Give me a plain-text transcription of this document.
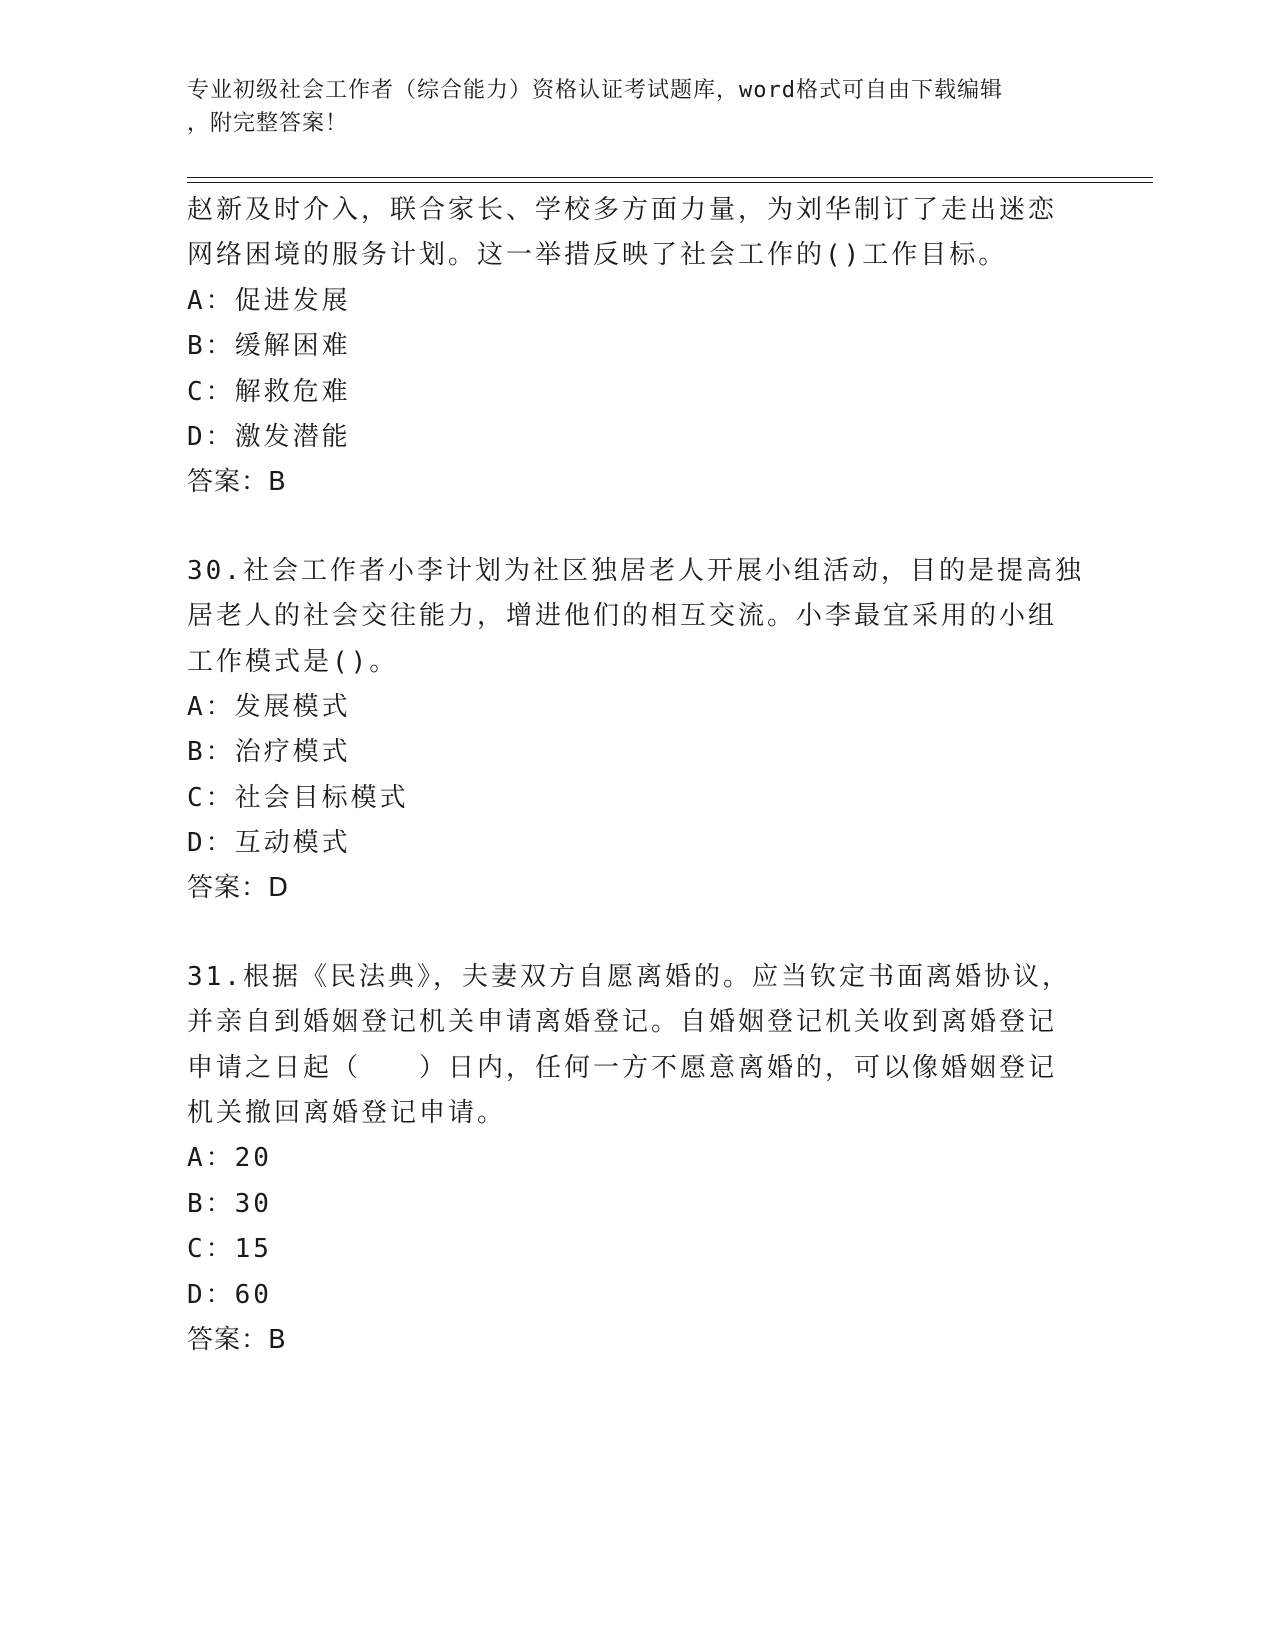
专业初级社会工作者（综合能力）资格认证考试题库，word格式可自由下载编辑
，附完整答案！
赵新及时介入，联合家长、学校多方面力量，为刘华制订了走出迷恋
网络困境的服务计划。这一举措反映了社会工作的()工作目标。
A：促进发展
B：缓解困难
C：解救危难
D：激发潜能
答案：B
30.社会工作者小李计划为社区独居老人开展小组活动，目的是提高独
居老人的社会交往能力，增进他们的相互交流。小李最宜采用的小组
工作模式是()。
A：发展模式
B：治疗模式
C：社会目标模式
D：互动模式
答案：D
31.根据《民法典》，夫妻双方自愿离婚的。应当钦定书面离婚协议，
并亲自到婚姻登记机关申请离婚登记。自婚姻登记机关收到离婚登记
申请之日起（　　）日内，任何一方不愿意离婚的，可以像婚姻登记
机关撤回离婚登记申请。
A：20
B：30
C：15
D：60
答案：B
